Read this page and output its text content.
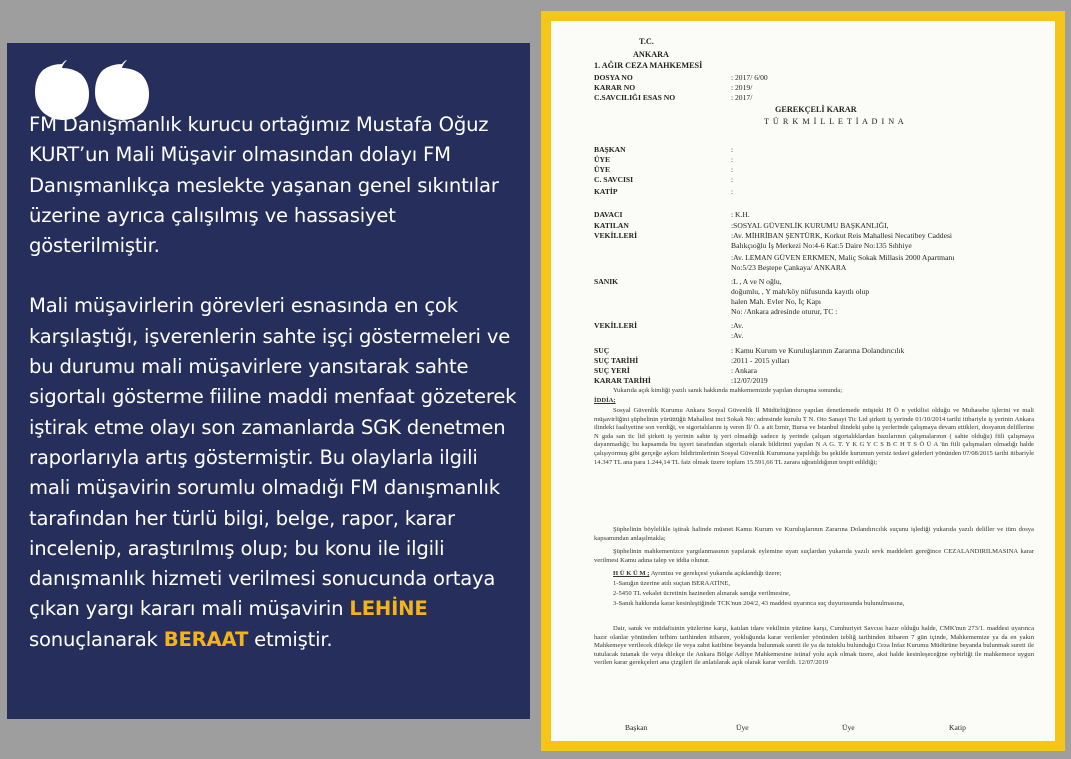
FM Danışmanlık kurucu ortağımız Mustafa Oğuz KURT’un Mali Müşavir olmasından dolayı FM Danışmanlıkça meslekte yaşanan genel sıkıntılar üzerine ayrıca çalışılmış ve hassasiyet gösterilmiştir.

Mali müşavirlerin görevleri esnasında en çok karşılaştığı, işverenlerin sahte işçi göstermeleri ve bu durumu mali müşavirlere yansıtarak sahte sigortalı gösterme fiiline maddi menfaat gözeterek iştirak etme olayı son zamanlarda SGK denetmen raporlarıyla artış göstermiştir. Bu olaylarla ilgili mali müşavirin sorumlu olmadığı FM danışmanlık tarafından her türlü bilgi, belge, rapor, karar incelenip, araştırılmış olup; bu konu ile ilgili danışmanlık hizmeti verilmesi sonucunda ortaya çıkan yargı kararı mali müşavirin LEHİNE sonuçlanarak BERAAT etmiştir.

T.C.
ANKARA
1. AĞIR CEZA MAHKEMESİ
DOSYA NO	: 2017/ 6/00
KARAR NO	: 2019/
C.SAVCILIĞI ESAS NO	: 2017/
GEREKÇELİ KARAR
T Ü R K M İ L L E T İ A D I N A
BAŞKAN	:
ÜYE	:
ÜYE	:
C. SAVCISI	:
KATİP	:
DAVACI	: K.H.
KATILAN	:SOSYAL GÜVENLİK KURUMU BAŞKANLIĞI,
VEKİLLERİ	:Av. MİHRİBAN ŞENTÜRK, Korkut Reis Mahallesi Necatibey Caddesi
Balıkçıoğlu İş Merkezi No:4-6 Kat:5 Daire No:135 Sıhhiye
:Av. LEMAN GÜVEN ERKMEN, Maliç Sokak Millasis 2000 Apartmanı
No:5/23 Beştepe Çankaya/ ANKARA
SANIK	:L , A ve N oğlu,
doğumlu, , Y mah/köy nüfusunda kayıtlı olup
halen Mah. Evler No, İç Kapı
No: /Ankara adresinde oturur, TC :
VEKİLLERİ	:Av.
:Av.
SUÇ	: Kamu Kurum ve Kuruluşlarının Zararına Dolandırıcılık
SUÇ TARİHİ	:2011 - 2015 yılları
SUÇ YERİ	: Ankara
KARAR TARİHİ	:12/07/2019
Yukarıda açık kimliği yazılı sanık hakkında mahkememizde yapılan duruşma sonunda;
İDDİA;
Sosyal Güvenlik Kurumu Ankara Sosyal Güvenlik İl Müdürlüğünce yapılan denetlemede müşteki H Ö n yetkilisi olduğu ve Muhasebe işlerini ve mali müşavirliğini şüphelinin yürüttüğü Mahallesi inci Sokak No: adresinde kurulu T N. Oto Sanayi Tic Ltd şirketi iş yerinde 01/10/2014 tarihi itibariyle iş yerinin Ankara ilindeki faaliyetine son verdiği, ve sigortalılarını iş veren İl/ Ö. a ait İzmir, Bursa ve İstanbul ilindeki şube iş yerlerinde çalışmaya devam ettikleri, dosyanın delillerine N gıda san tic ltd şirketi iş yerinin sahte iş yeri olmadığı sadece iş yerinde çalışan sigortalıklardan bazılarının çalışmalarının ( sahte olduğu) fiili çalışmaya dayanmadığı; bu kapsamda bu işyeri tarafından sigortalı olarak bildirimi yapılan N A G. T. Y K G Y C S B C H T S Ö Ü A 'ün fiili çalışmaları olmadığı halde çalışıyormuş gibi gerçeğe aykırı bildirimlerinin Sosyal Güvenlik Kurumuna yapıldığı bu şekilde kurumun yersiz tedavi giderleri yönünden 07/08/2015 tarihi itibariyle 14.347 TL ana para 1.244,14 TL faiz olmak üzere toplam 15.591,66 TL zarara uğratıldığının tespit edildiği;
Şüphelinin böylelikle iştirak halinde müsnet Kamu Kurum ve Kuruluşlarının Zararına Dolandırıcılık suçunu işlediği yukarıda yazılı deliller ve tüm dosya kapsamından anlaşılmakla;
Şüphelinin mahkemenizce yargılanmasının yapılarak eylemine uyan suçlardan yukarıda yazılı sevk maddeleri gereğince CEZALANDIRILMASINA karar verilmesi Kamu adına talep ve iddia olunur.
H Ü K Ü M ; Ayrıntısı ve gerekçesi yukarıda açıklandığı üzere;
1-Sanığın üzerine atılı suçtan BERAATİNE,
2-5450 TL vekalet ücretinin hazineden alınarak sanığa verilmesine,
3-Sanık hakkında karar kesinleştiğinde TCK'nun 204/2, 43 maddesi uyarınca suç duyurusunda bulunulmasına,
Dair, sanık ve müdafisinin yüzlerine karşı, katılan idare vekilinin yüzüne karşı, Cumhuriyet Savcısı hazır olduğu halde, CMK'nun 273/1. maddesi uyarınca hazır olanlar yönünden tefhim tarihinden itibaren, yokluğunda karar verilenler yönünden tebliğ tarihinden itibaren 7 gün içinde, Mahkememize ya da en yakın Mahkemeye verilecek dilekçe ile veya zabıt katibine beyanda bulunmak sureti ile ya da tutuklu bulunduğu Ceza İnfaz Kurumu Müdürüne beyanda bulunmak sureti ile tutulacak tutanak ile veya dilekçe ile Ankara Bölge Adliye Mahkemesine istinaf yolu açık olmak üzere, aksi halde kesinleşeceğine oybirliği ile mahkemece uygun verilen karar gerekçeleri ana çizgileri ile anlatılarak açık olarak karar verildi. 12/07/2019
Başkan	Üye	Üye	Katip
